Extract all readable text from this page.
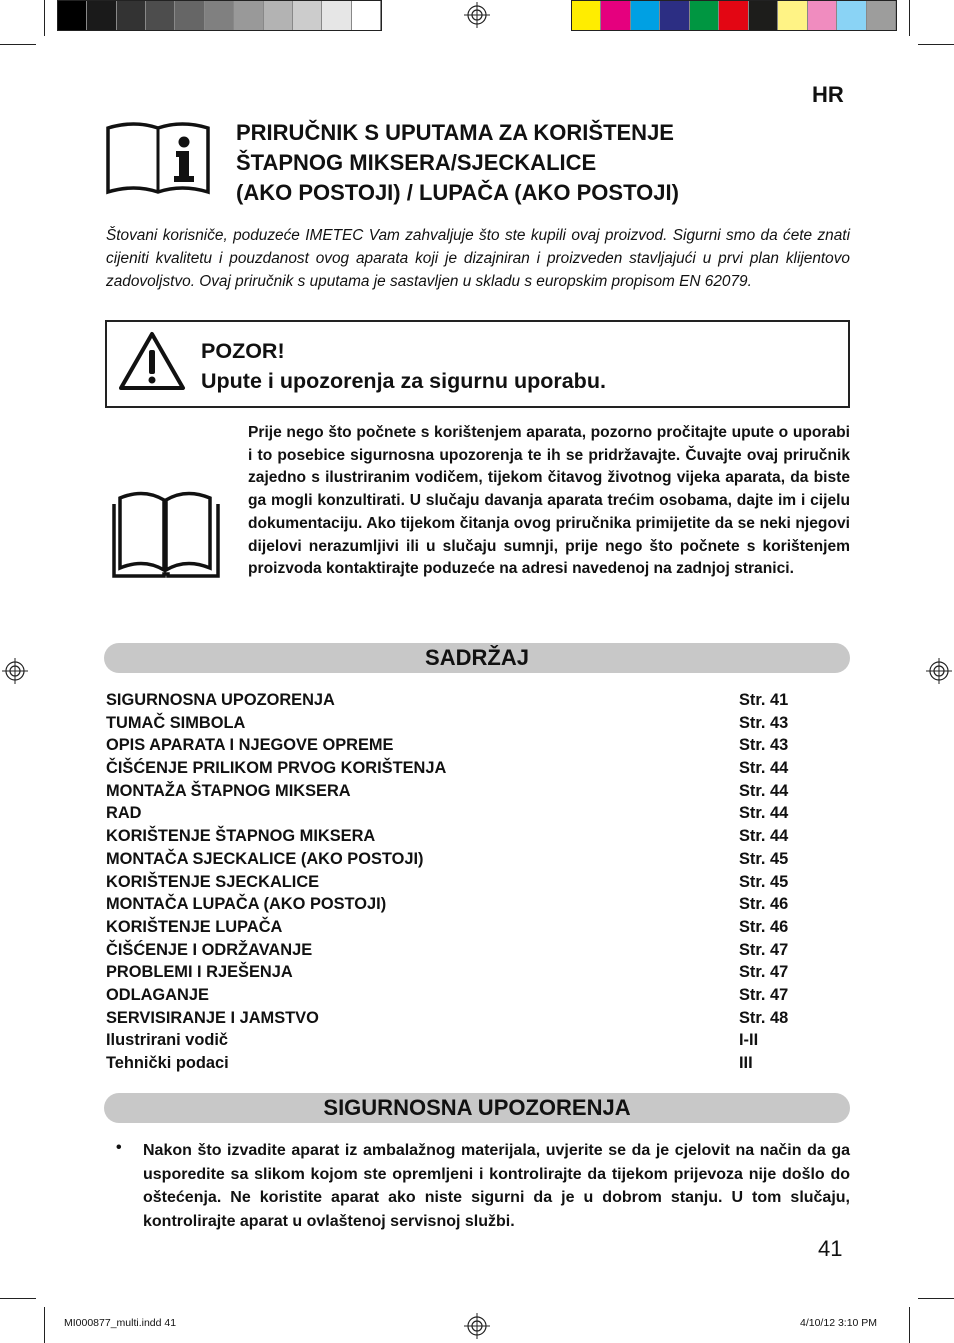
HR
PRIRUČNIK S UPUTAMA ZA KORIŠTENJE
ŠTAPNOG MIKSERA/SJECKALICE
(AKO POSTOJI) / LUPAČA (AKO POSTOJI)
Štovani korisniče, poduzeće IMETEC Vam zahvaljuje što ste kupili ovaj proizvod. Sigurni smo da ćete znati cijeniti kvalitetu i pouzdanost ovog aparata koji je dizajniran i proizveden stavljajući u prvi plan klijentovo zadovoljstvo. Ovaj priručnik s uputama je sastavljen u skladu s europskim propisom EN 62079.
POZOR!
Upute i upozorenja za sigurnu uporabu.
Prije nego što počnete s korištenjem aparata, pozorno pročitajte upute o uporabi i to posebice sigurnosna upozorenja te ih se pridržavajte. Čuvajte ovaj priručnik zajedno s ilustriranim vodičem, tijekom čitavog životnog vijeka aparata, da biste ga mogli konzultirati. U slučaju davanja aparata trećim osobama, dajte im i cijelu dokumentaciju. Ako tijekom čitanja ovog priručnika primijetite da se neki njegovi dijelovi nerazumljivi ili u slučaju sumnji, prije nego što počnete s korištenjem proizvoda kontaktirajte poduzeće na adresi navedenoj na zadnjoj stranici.
SADRŽAJ
SIGURNOSNA UPOZORENJA	Str. 41
TUMAČ SIMBOLA	Str. 43
OPIS APARATA I NJEGOVE OPREME	Str. 43
ČIŠĆENJE PRILIKOM PRVOG KORIŠTENJA	Str. 44
MONTAŽA ŠTAPNOG MIKSERA	Str. 44
RAD	Str. 44
KORIŠTENJE ŠTAPNOG MIKSERA	Str. 44
MONTAČA SJECKALICE (AKO POSTOJI)	Str. 45
KORIŠTENJE SJECKALICE	Str. 45
MONTAČA LUPAČA (AKO POSTOJI)	Str. 46
KORIŠTENJE LUPAČA	Str. 46
ČIŠĆENJE I ODRŽAVANJE	Str. 47
PROBLEMI I RJEŠENJA	Str. 47
ODLAGANJE	Str. 47
SERVISIRANJE I JAMSTVO	Str. 48
Ilustrirani vodič	I-II
Tehnički podaci	III
SIGURNOSNA UPOZORENJA
• Nakon što izvadite aparat iz ambalažnog materijala, uvjerite se da je cjelovit na način da ga usporedite sa slikom kojom ste opremljeni i kontrolirajte da tijekom prijevoza nije došlo do oštećenja. Ne koristite aparat ako niste sigurni da je u dobrom stanju. U tom slučaju, kontrolirajte aparat u ovlaštenoj servisnoj službi.
41
MI000877_multi.indd 41	4/10/12 3:10 PM
